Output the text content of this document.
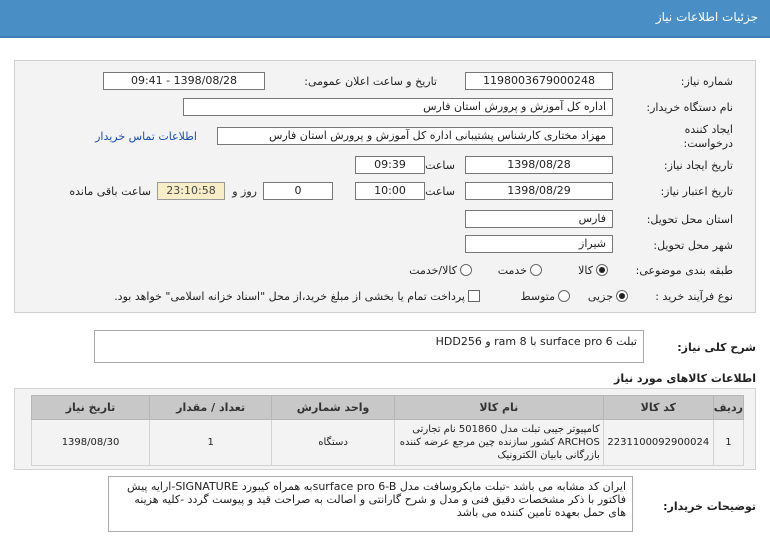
جزئیات اطلاعات نیاز
شماره نیاز:
1198003679000248
تاریخ و ساعت اعلان عمومی:
1398/08/28 - 09:41
نام دستگاه خریدار:
اداره کل آموزش و پرورش استان فارس
ایجاد کننده درخواست:
مهزاد مختاری کارشناس پشتیبانی اداره کل آموزش و پرورش استان فارس
اطلاعات تماس خریدار
تاریخ ایجاد نیاز:
1398/08/28
ساعت
09:39
تاریخ اعتبار نیاز:
1398/08/29
ساعت
10:00
0
روز و
23:10:58
ساعت باقی مانده
استان محل تحویل:
فارس
شهر محل تحویل:
شیراز
طبقه بندی موضوعی:
کالا
خدمت
کالا/خدمت
نوع فرآیند خرید :
جزیی
متوسط
پرداخت تمام یا بخشی از مبلغ خرید،از محل "اسناد خزانه اسلامی" خواهد بود.
شرح کلی نیاز:
تبلت surface pro 6 با ram 8 و HDD256
اطلاعات کالاهای مورد نیاز
ردیف	کد کالا	نام کالا	واحد شمارش	تعداد / مقدار	تاریخ نیاز
1	2231100092900024	کامپیوتر جیبی تبلت مدل 501860 نام تجارتی ARCHOS کشور سازنده چین مرجع عرضه کننده بازرگانی بابیان الکترونیک	دستگاه	1	1398/08/30
توضیحات خریدار:
ایران کد مشابه می باشد -تبلت مایکروسافت مدل surface pro 6-Bبه همراه کیبورد SIGNATURE-ارایه پیش فاکتور با ذکر مشخصات دقیق فنی و مدل و شرح گارانتی و اصالت به صراحت قید و پیوست گردد -کلیه هزینه های حمل بعهده تامین کننده می باشد
